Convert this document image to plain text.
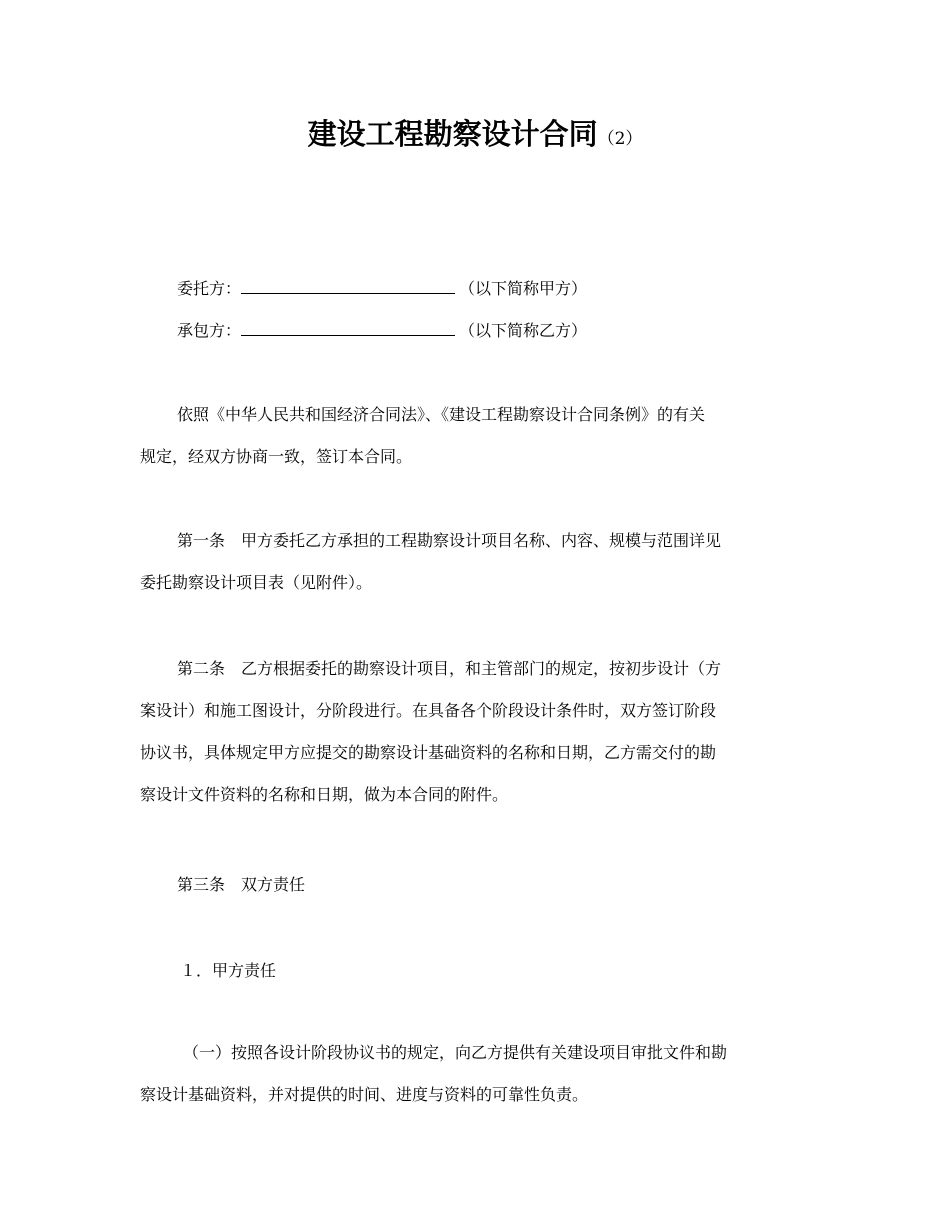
建设工程勘察设计合同（2）
委托方：	（以下简称甲方）
承包方：	（以下简称乙方）
依照《中华人民共和国经济合同法》、《建设工程勘察设计合同条例》的有关
规定，经双方协商一致，签订本合同。
第一条　甲方委托乙方承担的工程勘察设计项目名称、内容、规模与范围详见
委托勘察设计项目表（见附件）。
第二条　乙方根据委托的勘察设计项目，和主管部门的规定，按初步设计（方
案设计）和施工图设计，分阶段进行。在具备各个阶段设计条件时，双方签订阶段
协议书，具体规定甲方应提交的勘察设计基础资料的名称和日期，乙方需交付的勘
察设计文件资料的名称和日期，做为本合同的附件。
第三条　双方责任
１．甲方责任
（一）按照各设计阶段协议书的规定，向乙方提供有关建设项目审批文件和勘
察设计基础资料，并对提供的时间、进度与资料的可靠性负责。
